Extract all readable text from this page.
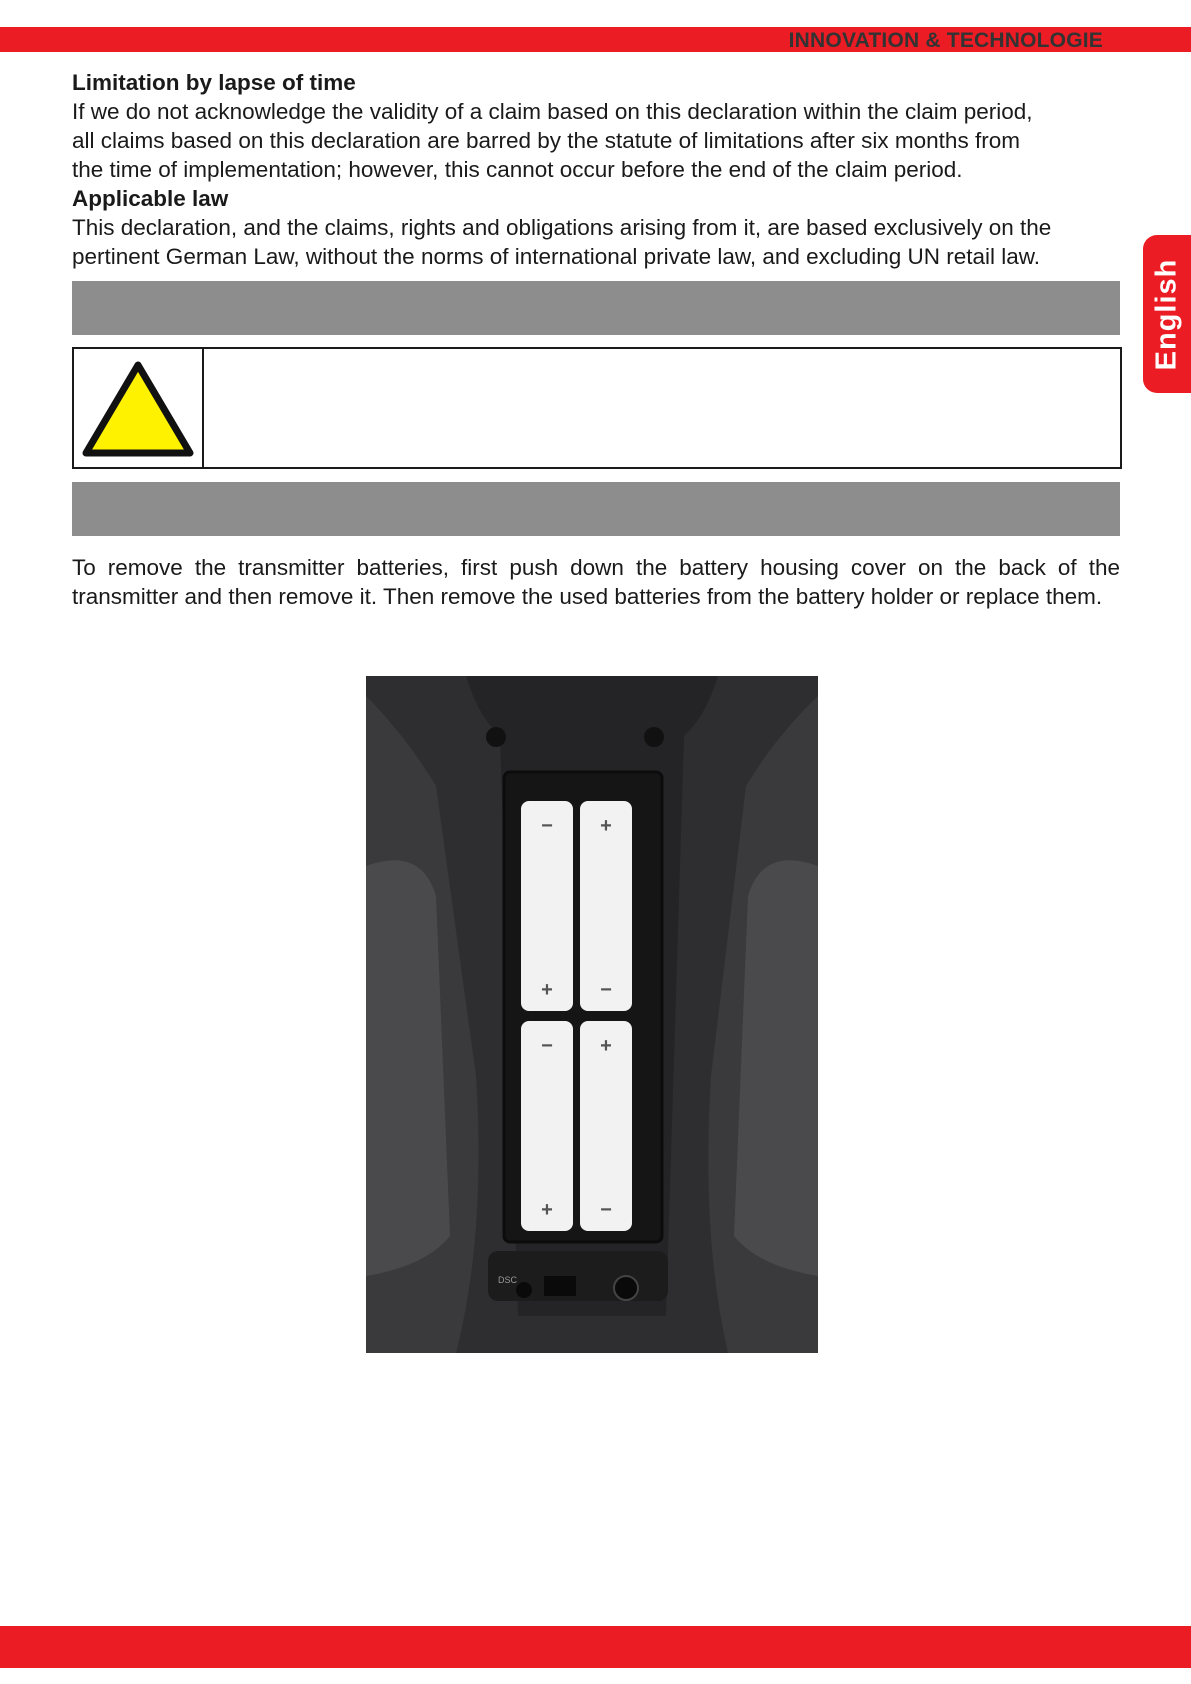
INNOVATION & TECHNOLOGIE
English

Limitation by lapse of time

If we do not acknowledge the validity of a claim based on this declaration within the claim period,

all claims based on this declaration are barred by the statute of limitations after six months from

the time of implementation; however, this cannot occur before the end of the claim period.

Applicable law

This declaration, and the claims, rights and obligations arising from it, are based exclusively on the

pertinent German Law, without the norms of international private law, and excluding UN retail law.

To remove the transmitter batteries, first push down the battery housing cover on the back of the transmitter and then remove it. Then remove the used batteries from the battery holder or replace them.
−
+
+
−
−
+
+
−
DSC
